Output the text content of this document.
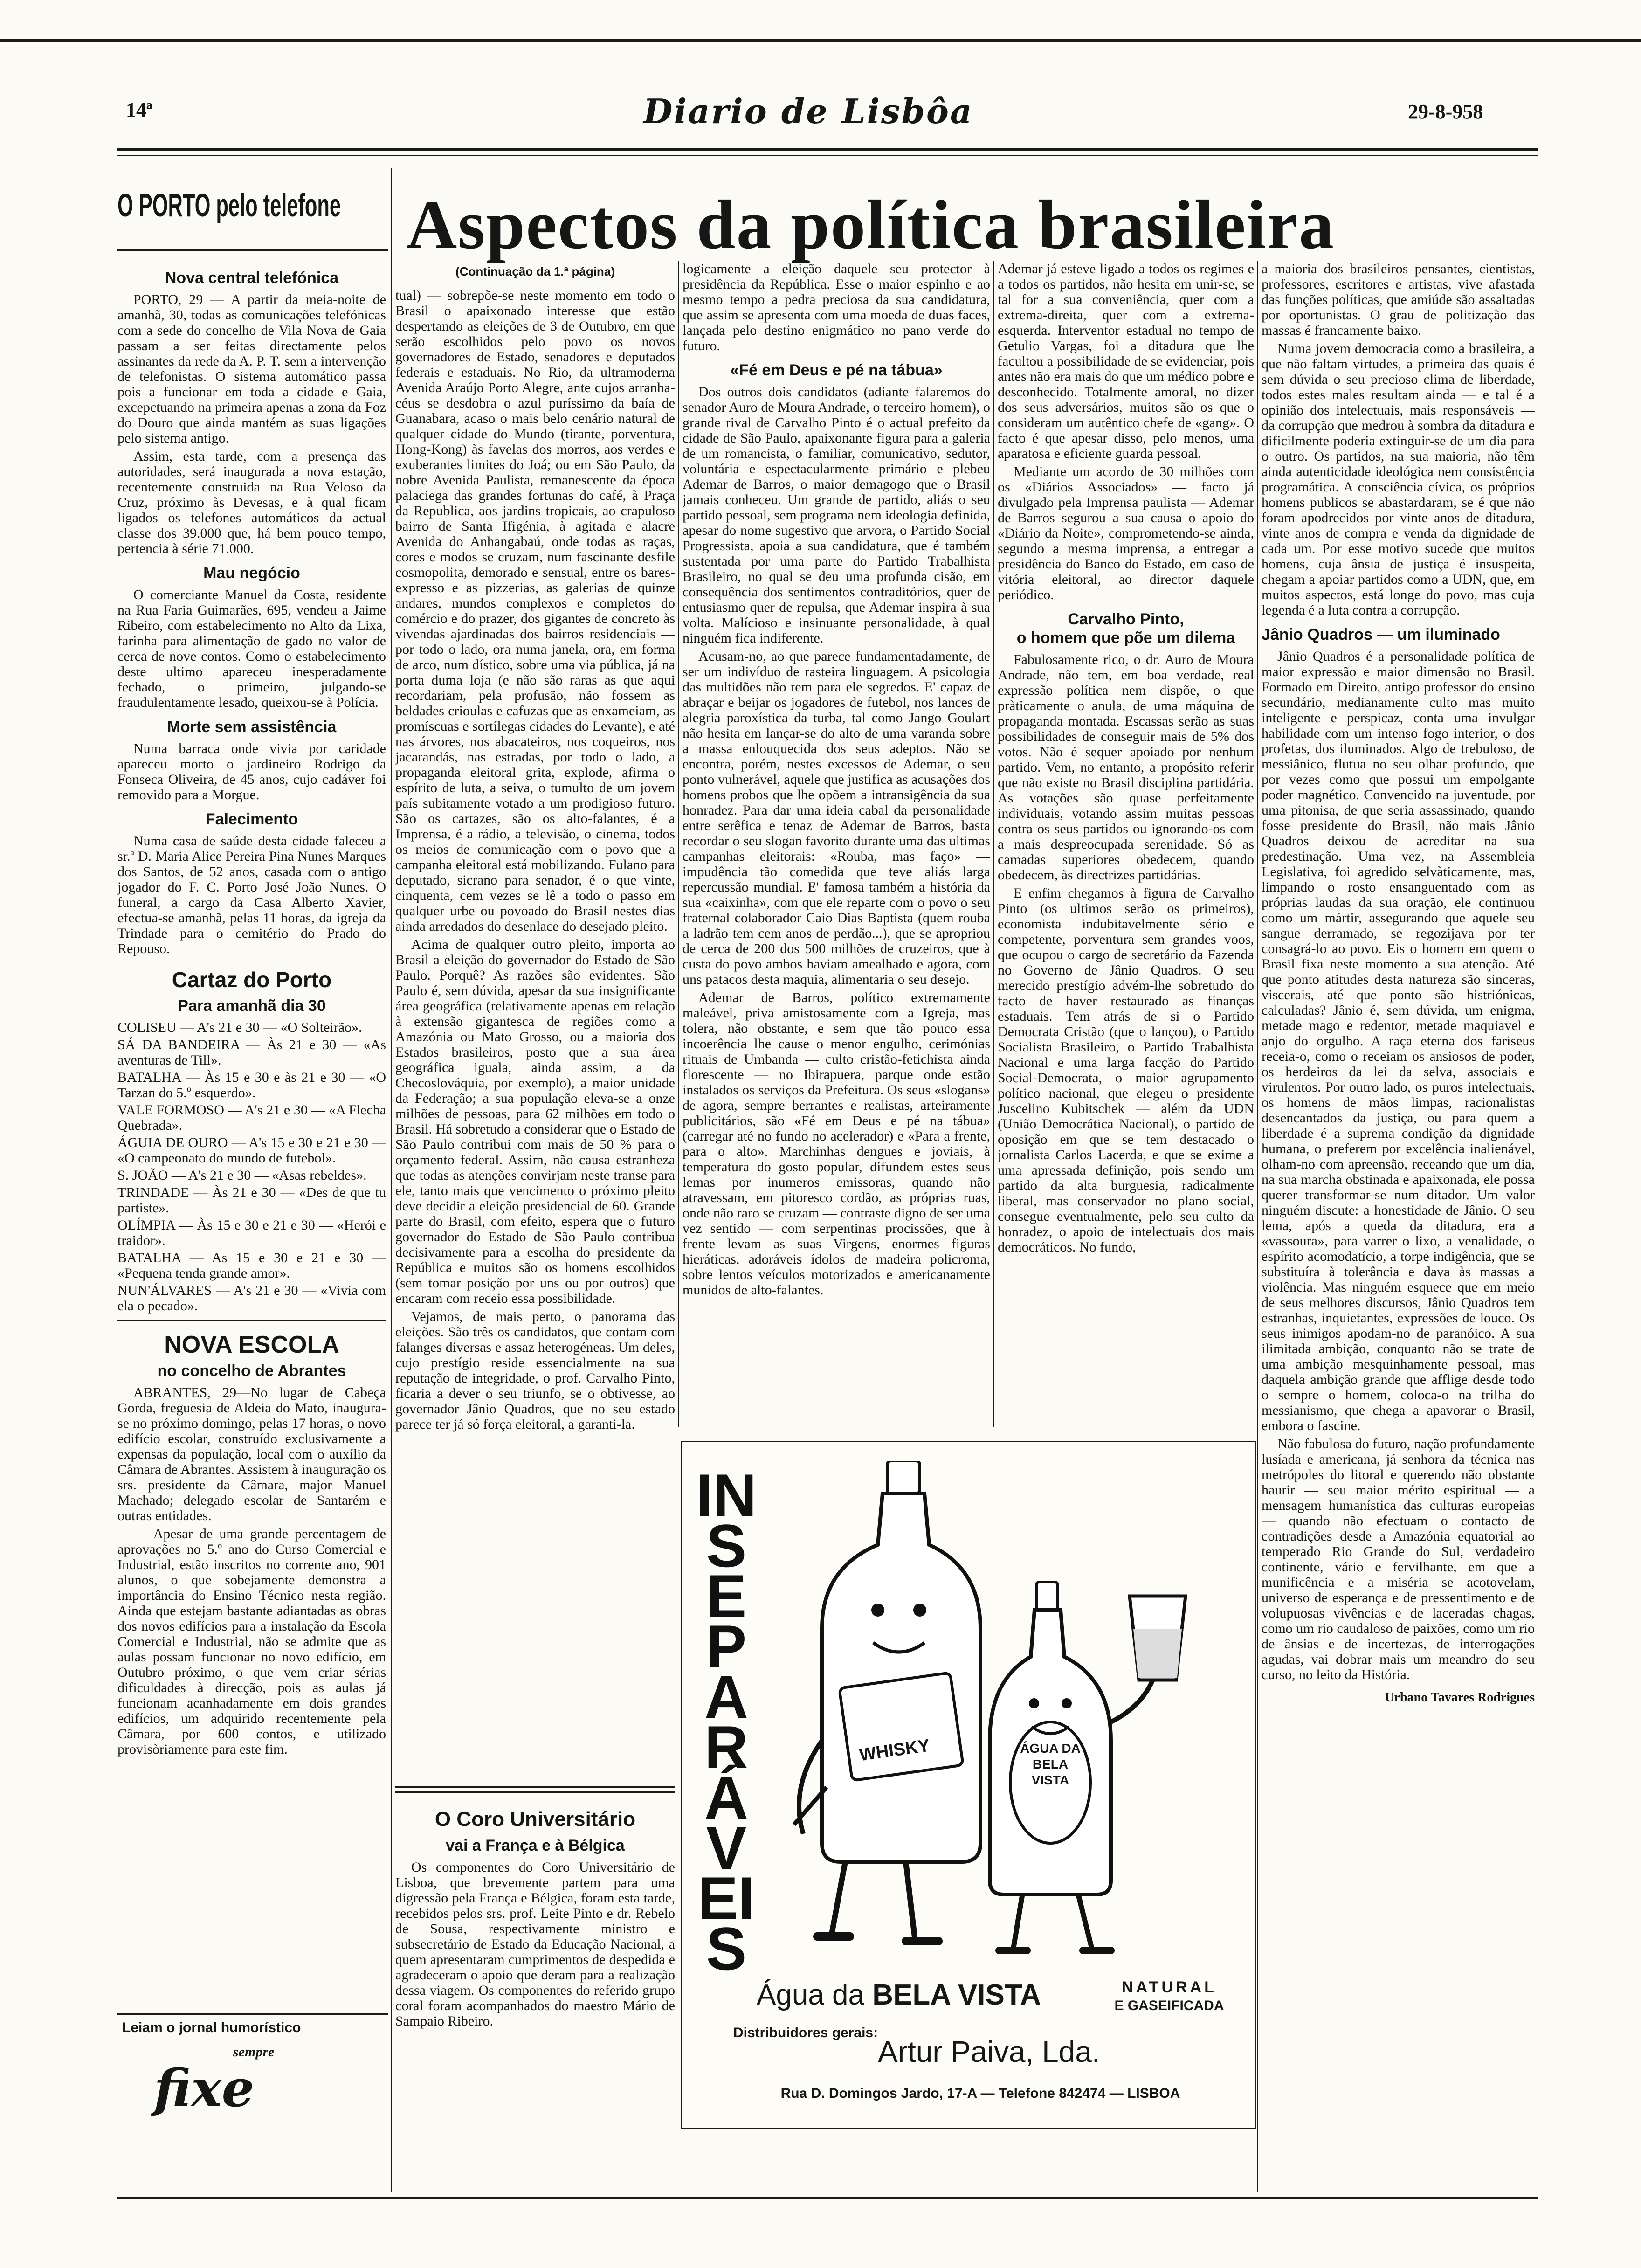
14ª	Diario de Lisbôa	29-8-958
O PORTO pelo telefone
Nova central telefónica

PORTO, 29 — A partir da meia-noite de amanhã, 30, todas as comunicações telefónicas com a sede do concelho de Vila Nova de Gaia passam a ser feitas directamente pelos assinantes da rede da A. P. T. sem a intervenção de telefonistas. O sistema automático passa pois a funcionar em toda a cidade e Gaia, excepctuando na primeira apenas a zona da Foz do Douro que ainda mantém as suas ligações pelo sistema antigo.

Assim, esta tarde, com a presença das autoridades, será inaugurada a nova estação, recentemente construida na Rua Veloso da Cruz, próximo às Devesas, e à qual ficam ligados os telefones automáticos da actual classe dos 39.000 que, há bem pouco tempo, pertencia à série 71.000.

Mau negócio

O comerciante Manuel da Costa, residente na Rua Faria Guimarães, 695, vendeu a Jaime Ribeiro, com estabelecimento no Alto da Lixa, farinha para alimentação de gado no valor de cerca de nove contos. Como o estabelecimento deste ultimo apareceu inesperadamente fechado, o primeiro, julgando-se fraudulentamente lesado, queixou-se à Polícia.

Morte sem assistência

Numa barraca onde vivia por caridade apareceu morto o jardineiro Rodrigo da Fonseca Oliveira, de 45 anos, cujo cadáver foi removido para a Morgue.

Falecimento

Numa casa de saúde desta cidade faleceu a sr.ª D. Maria Alice Pereira Pina Nunes Marques dos Santos, de 52 anos, casada com o antigo jogador do F. C. Porto José João Nunes. O funeral, a cargo da Casa Alberto Xavier, efectua-se amanhã, pelas 11 horas, da igreja da Trindade para o cemitério do Prado do Repouso.

Cartaz do Porto
Para amanhã dia 30

COLISEU — A's 21 e 30 — «O Solteirão».

SÁ DA BANDEIRA — Às 21 e 30 — «As aventuras de Till».

BATALHA — Às 15 e 30 e às 21 e 30 — «O Tarzan do 5.º esquerdo».

VALE FORMOSO — A's 21 e 30 — «A Flecha Quebrada».

ÁGUIA DE OURO — A's 15 e 30 e 21 e 30 — «O campeonato do mundo de futebol».

S. JOÃO — A's 21 e 30 — «Asas rebeldes».

TRINDADE — Às 21 e 30 — «Des de que tu partiste».

OLÍMPIA — Às 15 e 30 e 21 e 30 — «Herói e traidor».

BATALHA — As 15 e 30 e 21 e 30 — «Pequena tenda grande amor».

NUN'ÁLVARES — A's 21 e 30 — «Vivia com ela o pecado».

NOVA ESCOLA
no concelho de Abrantes

ABRANTES, 29—No lugar de Cabeça Gorda, freguesia de Aldeia do Mato, inaugura-se no próximo domingo, pelas 17 horas, o novo edifício escolar, construído exclusivamente a expensas da população, local com o auxílio da Câmara de Abrantes. Assistem à inauguração os srs. presidente da Câmara, major Manuel Machado; delegado escolar de Santarém e outras entidades.

— Apesar de uma grande percentagem de aprovações no 5.º ano do Curso Comercial e Industrial, estão inscritos no corrente ano, 901 alunos, o que sobejamente demonstra a importância do Ensino Técnico nesta região. Ainda que estejam bastante adiantadas as obras dos novos edifícios para a instalação da Escola Comercial e Industrial, não se admite que as aulas possam funcionar no novo edifício, em Outubro próximo, o que vem criar sérias dificuldades à direcção, pois as aulas já funcionam acanhadamente em dois grandes edifícios, um adquirido recentemente pela Câmara, por 600 contos, e utilizado provisòriamente para este fim.

Leiam o jornal humorístico
sempre
fixe
Aspectos da política brasileira
(Continuação da 1.ª página)

tual) — sobrepõe-se neste momento em todo o Brasil o apaixonado interesse que estão despertando as eleições de 3 de Outubro, em que serão escolhidos pelo povo os novos governadores de Estado, senadores e deputados federais e estaduais. No Rio, da ultramoderna Avenida Araújo Porto Alegre, ante cujos arranha-céus se desdobra o azul puríssimo da baía de Guanabara, acaso o mais belo cenário natural de qualquer cidade do Mundo (tirante, porventura, Hong-Kong) às favelas dos morros, aos verdes e exuberantes limites do Joá; ou em São Paulo, da nobre Avenida Paulista, remanescente da época palaciega das grandes fortunas do café, à Praça da Republica, aos jardins tropicais, ao crapuloso bairro de Santa Ifigénia, à agitada e alacre Avenida do Anhangabaú, onde todas as raças, cores e modos se cruzam, num fascinante desfile cosmopolita, demorado e sensual, entre os bares-expresso e as pizzerias, as galerias de quinze andares, mundos complexos e completos do comércio e do prazer, dos gigantes de concreto às vivendas ajardinadas dos bairros residenciais — por todo o lado, ora numa janela, ora, em forma de arco, num dístico, sobre uma via pública, já na porta duma loja (e não são raras as que aqui recordariam, pela profusão, não fossem as beldades crioulas e cafuzas que as enxameiam, as promíscuas e sortílegas cidades do Levante), e até nas árvores, nos abacateiros, nos coqueiros, nos jacarandás, nas estradas, por todo o lado, a propaganda eleitoral grita, explode, afirma o espírito de luta, a seiva, o tumulto de um jovem país subitamente votado a um prodigioso futuro. São os cartazes, são os alto-falantes, é a Imprensa, é a rádio, a televisão, o cinema, todos os meios de comunicação com o povo que a campanha eleitoral está mobilizando. Fulano para deputado, sicrano para senador, é o que vinte, cinquenta, cem vezes se lê a todo o passo em qualquer urbe ou povoado do Brasil nestes dias ainda arredados do desenlace do desejado pleito.

Acima de qualquer outro pleito, importa ao Brasil a eleição do governador do Estado de São Paulo. Porquê? As razões são evidentes. São Paulo é, sem dúvida, apesar da sua insignificante área geográfica (relativamente apenas em relação à extensão gigantesca de regiões como a Amazónia ou Mato Grosso, ou a maioria dos Estados brasileiros, posto que a sua área geográfica iguala, ainda assim, a da Checoslováquia, por exemplo), a maior unidade da Federação; a sua população eleva-se a onze milhões de pessoas, para 62 milhões em todo o Brasil. Há sobretudo a considerar que o Estado de São Paulo contribui com mais de 50 % para o orçamento federal. Assim, não causa estranheza que todas as atenções convirjam neste transe para ele, tanto mais que vencimento o próximo pleito deve decidir a eleição presidencial de 60. Grande parte do Brasil, com efeito, espera que o futuro governador do Estado de São Paulo contribua decisivamente para a escolha do presidente da República e muitos são os homens escolhidos (sem tomar posição por uns ou por outros) que encaram com receio essa possibilidade.

Vejamos, de mais perto, o panorama das eleições. São três os candidatos, que contam com falanges diversas e assaz heterogéneas. Um deles, cujo prestígio reside essencialmente na sua reputação de integridade, o prof. Carvalho Pinto, ficaria a dever o seu triunfo, se o obtivesse, ao governador Jânio Quadros, que no seu estado parece ter já só força eleitoral, a garanti-la.

O Coro Universitário
vai a França e à Bélgica

Os componentes do Coro Universitário de Lisboa, que brevemente partem para uma digressão pela França e Bélgica, foram esta tarde, recebidos pelos srs. prof. Leite Pinto e dr. Rebelo de Sousa, respectivamente ministro e subsecretário de Estado da Educação Nacional, a quem apresentaram cumprimentos de despedida e agradeceram o apoio que deram para a realização dessa viagem. Os componentes do referido grupo coral foram acompanhados do maestro Mário de Sampaio Ribeiro.

logicamente a eleição daquele seu protector à presidência da República. Esse o maior espinho e ao mesmo tempo a pedra preciosa da sua candidatura, que assim se apresenta com uma moeda de duas faces, lançada pelo destino enigmático no pano verde do futuro.

«Fé em Deus e pé na tábua»

Dos outros dois candidatos (adiante falaremos do senador Auro de Moura Andrade, o terceiro homem), o grande rival de Carvalho Pinto é o actual prefeito da cidade de São Paulo, apaixonante figura para a galeria de um romancista, o familiar, comunicativo, sedutor, voluntária e espectacularmente primário e plebeu Ademar de Barros, o maior demagogo que o Brasil jamais conheceu. Um grande de partido, aliás o seu partido pessoal, sem programa nem ideologia definida, apesar do nome sugestivo que arvora, o Partido Social Progressista, apoia a sua candidatura, que é também sustentada por uma parte do Partido Trabalhista Brasileiro, no qual se deu uma profunda cisão, em consequência dos sentimentos contraditórios, quer de entusiasmo quer de repulsa, que Ademar inspira à sua volta. Malícioso e insinuante personalidade, à qual ninguém fica indiferente.

Acusam-no, ao que parece fundamentadamente, de ser um indivíduo de rasteira linguagem. A psicologia das multidões não tem para ele segredos. E' capaz de abraçar e beijar os jogadores de futebol, nos lances de alegria paroxística da turba, tal como Jango Goulart não hesita em lançar-se do alto de uma varanda sobre a massa enlouquecida dos seus adeptos. Não se encontra, porém, nestes excessos de Ademar, o seu ponto vulnerável, aquele que justifica as acusações dos homens probos que lhe opõem a intransigência da sua honradez. Para dar uma ideia cabal da personalidade entre serêfica e tenaz de Ademar de Barros, basta recordar o seu slogan favorito durante uma das ultimas campanhas eleitorais: «Rouba, mas faço» — impudência tão comedida que teve aliás larga repercussão mundial. E' famosa também a história da sua «caixinha», com que ele reparte com o povo o seu fraternal colaborador Caio Dias Baptista (quem rouba a ladrão tem cem anos de perdão...), que se apropriou de cerca de 200 dos 500 milhões de cruzeiros, que à custa do povo ambos haviam amealhado e agora, com uns patacos desta maquia, alimentaria o seu desejo.

Ademar de Barros, político extremamente maleável, priva amistosamente com a Igreja, mas tolera, não obstante, e sem que tão pouco essa incoerência lhe cause o menor engulho, cerimónias rituais de Umbanda — culto cristão-fetichista ainda florescente — no Ibirapuera, parque onde estão instalados os serviços da Prefeitura. Os seus «slogans» de agora, sempre berrantes e realistas, arteiramente publicitários, são «Fé em Deus e pé na tábua» (carregar até no fundo no acelerador) e «Para a frente, para o alto». Marchinhas dengues e joviais, à temperatura do gosto popular, difundem estes seus lemas por inumeros emissoras, quando não atravessam, em pitoresco cordão, as próprias ruas, onde não raro se cruzam — contraste digno de ser uma vez sentido — com serpentinas procissões, que à frente levam as suas Virgens, enormes figuras hieráticas, adoráveis ídolos de madeira policroma, sobre lentos veículos motorizados e americanamente munidos de alto-falantes.

Ademar já esteve ligado a todos os regimes e a todos os partidos, não hesita em unir-se, se tal for a sua conveniência, quer com a extrema-direita, quer com a extrema-esquerda. Interventor estadual no tempo de Getulio Vargas, foi a ditadura que lhe facultou a possibilidade de se evidenciar, pois antes não era mais do que um médico pobre e desconhecido. Totalmente amoral, no dizer dos seus adversários, muitos são os que o consideram um autêntico chefe de «gang». O facto é que apesar disso, pelo menos, uma aparatosa e eficiente guarda pessoal.

Mediante um acordo de 30 milhões com os «Diários Associados» — facto já divulgado pela Imprensa paulista — Ademar de Barros segurou a sua causa o apoio do «Diário da Noite», comprometendo-se ainda, segundo a mesma imprensa, a entregar a presidência do Banco do Estado, em caso de vitória eleitoral, ao director daquele periódico.

Carvalho Pinto,
o homem que põe um dilema

Fabulosamente rico, o dr. Auro de Moura Andrade, não tem, em boa verdade, real expressão política nem dispõe, o que pràticamente o anula, de uma máquina de propaganda montada. Escassas serão as suas possibilidades de conseguir mais de 5% dos votos. Não é sequer apoiado por nenhum partido. Vem, no entanto, a propósito referir que não existe no Brasil disciplina partidária. As votações são quase perfeitamente individuais, votando assim muitas pessoas contra os seus partidos ou ignorando-os com a mais despreocupada serenidade. Só as camadas superiores obedecem, quando obedecem, às directrizes partidárias.

E enfim chegamos à figura de Carvalho Pinto (os ultimos serão os primeiros), economista indubitavelmente sério e competente, porventura sem grandes voos, que ocupou o cargo de secretário da Fazenda no Governo de Jânio Quadros. O seu merecido prestígio advém-lhe sobretudo do facto de haver restaurado as finanças estaduais. Tem atrás de si o Partido Democrata Cristão (que o lançou), o Partido Socialista Brasileiro, o Partido Trabalhista Nacional e uma larga facção do Partido Social-Democrata, o maior agrupamento político nacional, que elegeu o presidente Juscelino Kubitschek — além da UDN (União Democrática Nacional), o partido de oposição em que se tem destacado o jornalista Carlos Lacerda, e que se exime a uma apressada definição, pois sendo um partido da alta burguesia, radicalmente liberal, mas conservador no plano social, consegue eventualmente, pelo seu culto da honradez, o apoio de intelectuais dos mais democráticos. No fundo,

a maioria dos brasileiros pensantes, cientistas, professores, escritores e artistas, vive afastada das funções políticas, que amiúde são assaltadas por oportunistas. O grau de politização das massas é francamente baixo.

Numa jovem democracia como a brasileira, a que não faltam virtudes, a primeira das quais é sem dúvida o seu precioso clima de liberdade, todos estes males resultam ainda — e tal é a opinião dos intelectuais, mais responsáveis — da corrupção que medrou à sombra da ditadura e dificilmente poderia extinguir-se de um dia para o outro. Os partidos, na sua maioria, não têm ainda autenticidade ideológica nem consistência programática. A consciência cívica, os próprios homens publicos se abastardaram, se é que não foram apodrecidos por vinte anos de ditadura, vinte anos de compra e venda da dignidade de cada um. Por esse motivo sucede que muitos homens, cuja ânsia de justiça é insuspeita, chegam a apoiar partidos como a UDN, que, em muitos aspectos, está longe do povo, mas cuja legenda é a luta contra a corrupção.

Jânio Quadros — um iluminado

Jânio Quadros é a personalidade política de maior expressão e maior dimensão no Brasil. Formado em Direito, antigo professor do ensino secundário, medianamente culto mas muito inteligente e perspicaz, conta uma invulgar habilidade com um intenso fogo interior, o dos profetas, dos iluminados. Algo de trebuloso, de messiânico, flutua no seu olhar profundo, que por vezes como que possui um empolgante poder magnético. Convencido na juventude, por uma pitonisa, de que seria assassinado, quando fosse presidente do Brasil, não mais Jânio Quadros deixou de acreditar na sua predestinação. Uma vez, na Assembleia Legislativa, foi agredido selvàticamente, mas, limpando o rosto ensanguentado com as próprias laudas da sua oração, ele continuou como um mártir, assegurando que aquele seu sangue derramado, se regozijava por ter consagrá-lo ao povo. Eis o homem em quem o Brasil fixa neste momento a sua atenção. Até que ponto atitudes desta natureza são sinceras, viscerais, até que ponto são histriónicas, calculadas? Jânio é, sem dúvida, um enigma, metade mago e redentor, metade maquiavel e anjo do orgulho. A raça eterna dos fariseus receia-o, como o receiam os ansiosos de poder, os herdeiros da lei da selva, associais e virulentos. Por outro lado, os puros intelectuais, os homens de mãos limpas, racionalistas desencantados da justiça, ou para quem a liberdade é a suprema condição da dignidade humana, o preferem por excelência inalienável, olham-no com apreensão, receando que um dia, na sua marcha obstinada e apaixonada, ele possa querer transformar-se num ditador. Um valor ninguém discute: a honestidade de Jânio. O seu lema, após a queda da ditadura, era a «vassoura», para varrer o lixo, a venalidade, o espírito acomodatício, a torpe indigência, que se substituíra à tolerância e dava às massas a violência. Mas ninguém esquece que em meio de seus melhores discursos, Jânio Quadros tem estranhas, inquietantes, expressões de louco. Os seus inimigos apodam-no de paranóico. A sua ilimitada ambição, conquanto não se trate de uma ambição mesquinhamente pessoal, mas daquela ambição grande que afflige desde todo o sempre o homem, coloca-o na trilha do messianismo, que chega a apavorar o Brasil, embora o fascine.

Não fabulosa do futuro, nação profundamente lusíada e americana, já senhora da técnica nas metrópoles do litoral e querendo não obstante haurir — seu maior mérito espiritual — a mensagem humanística das culturas europeias — quando não efectuam o contacto de contradições desde a Amazónia equatorial ao temperado Rio Grande do Sul, verdadeiro continente, vário e fervilhante, em que a munificência e a miséria se acotovelam, universo de esperança e de pressentimento e de volupuosas vivências e de laceradas chagas, como um rio caudaloso de paixões, como um rio de ânsias e de incertezas, de interrogações agudas, vai dobrar mais um meandro do seu curso, no leito da História.

Urbano Tavares Rodrigues
INSEPARÁVEIS
WHISKY	ÁGUA DA BELA VISTA
Água da BELA VISTA	NATURAL
E GASEIFICADA
Distribuidores gerais:
Artur Paiva, Lda.
Rua D. Domingos Jardo, 17-A — Telefone 842474 — LISBOA
